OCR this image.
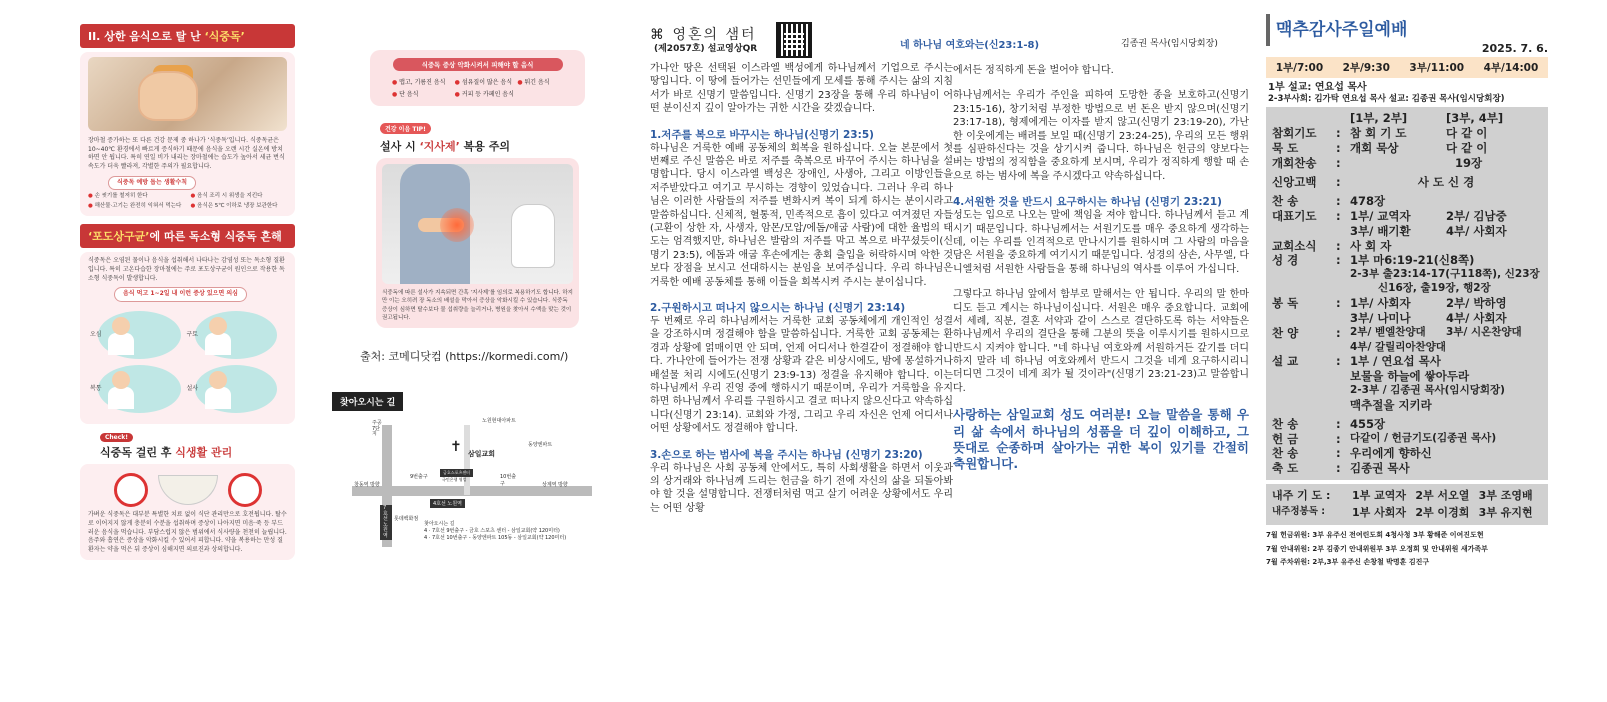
II. 상한 음식으로 탈 난 ‘식중독’
장마철 증가하는 또 다른 건강 문제 중 하나가 ‘식중독’입니다. 식중독균은 10~40℃ 환경에서 빠르게 증식하기 때문에 음식을 오랜 시간 실온에 방치하면 안 됩니다. 특히 연일 비가 내리는 장마철에는 습도가 높아서 세균 번식 속도가 더욱 빨라져, 각별한 주의가 필요합니다.
식중독 예방 돕는 생활수칙
● 손 씻기를 철저히 한다	● 음식 조리 시 위생을 지킨다
● 해산물·고기는 완전히 익혀서 먹는다	● 음식은 5℃ 이하로 냉장 보관한다
‘포도상구균’에 따른 독소형 식중독 흔해
식중독은 오염된 물이나 음식을 섭취해서 나타나는 감염성 또는 독소형 질환입니다. 특히 고온다습한 장마철에는 주로 포도상구균이 원인으로 작용한 독소형 식중독이 발생합니다.
음식 먹고 1~2일 내 이런 증상 있으면 의심
오심	구토
복통	설사
Check!
식중독 걸린 후 식생활 관리
가벼운 식중독은 대부분 특별한 치료 없이 식단 관리만으로 호전됩니다. 탈수로 이어지지 않게 충분히 수분을 섭취하며 증상이 나아지면 미음·죽 등 부드러운 음식을 먹습니다. 부담스럽지 않은 범위에서 식사량을 천천히 늘립니다. 음주와 흡연은 증상을 악화시킬 수 있어서 피합니다. 약을 복용하는 만성 질환자는 약을 먹은 뒤 증상이 심해지면 의료진과 상의합니다.
식중독 증상 악화시켜서 피해야 할 음식
● 맵고, 기름진 음식	● 섬유질이 많은 음식	● 튀긴 음식
● 단 음식	● 커피 등 카페인 음식
건강 이음 TIP!
설사 시 ‘지사제’ 복용 주의
식중독에 따른 설사가 지속되면 간혹 ‘지사제’를 임의로 복용하기도 합니다. 하지만 이는 오히려 장 독소의 배설을 막아서 증상을 악화시킬 수 있습니다. 식중독 증상이 심하면 탈수보다 물 섭취량을 늘리거나, 병원을 찾아서 수액을 맞는 것이 권고됩니다.
출처: 코메디닷컴 (https://kormedi.com/)
찾아오시는 길
주공7단지
노원현대아파트
동양엔파트
✝ 삼일교회
금호스포츠센터
국민은행 영업
상계역 방향
창동역 방향
9번출구	10번출구
4호선 노원역
롯데백화점
7호선 노원역
찾아오시는 길
4 · 7호선 9번출구 - 금호 스포츠 센터 - 삼일교회(약 120미터)
4 · 7호선 10번출구 - 동양엔파트 105동 - 삼일교회(약 120미터)
⌘ 영혼의 샘터
(제2057호) 설교영상QR

가나안 땅은 선택된 이스라엘 백성에게 하나님께서 기업으로 주시는 땅입니다. 이 땅에 들어가는 선민들에게 모세를 통해 주시는 삶의 지침서가 바로 신명기 말씀입니다. 신명기 23장을 통해 우리 하나님이 어떤 분이신지 깊이 알아가는 귀한 시간을 갖겠습니다.

1.저주를 복으로 바꾸시는 하나님(신명기 23:5)

하나님은 거룩한 예배 공동체의 회복을 원하십니다. 오늘 본문에서 첫 번째로 주신 말씀은 바로 저주를 축복으로 바꾸어 주시는 하나님을 설명합니다. 당시 이스라엘 백성은 장애인, 사생아, 그리고 이방인들을 저주받았다고 여기고 무시하는 경향이 있었습니다. 그러나 우리 하나님은 이러한 사람들의 저주를 변화시켜 복이 되게 하시는 분이시라고 말씀하십니다. 신체적, 혈통적, 민족적으로 흠이 있다고 여겨졌던 자들(고환이 상한 자, 사생자, 암몬/모압/에돔/애굽 사람)에 대한 율법의 태도는 엄격했지만, 하나님은 발람의 저주를 막고 복으로 바꾸셨듯이(신명기 23:5), 에돔과 애굽 후손에게는 총회 출입을 허락하시며 악한 것보다 장점을 보시고 선대하시는 분임을 보여주십니다. 우리 하나님은 거룩한 예배 공동체를 통해 이들을 회복시켜 주시는 분이십니다.

2.구원하시고 떠나지 않으시는 하나님 (신명기 23:14)

두 번째로 우리 하나님께서는 거룩한 교회 공동체에게 개인적인 성결을 강조하시며 정결해야 함을 말씀하십니다. 거룩한 교회 공동체는 환경과 상황에 얽매이면 안 되며, 언제 어디서나 한결같이 정결해야 합니다. 가나안에 들어가는 전쟁 상황과 같은 비상시에도, 밤에 몽설하거나 배설물 처리 시에도(신명기 23:9-13) 정결을 유지해야 합니다. 이는 하나님께서 우리 진영 중에 행하시기 때문이며, 우리가 거룩함을 유지하면 하나님께서 우리를 구원하시고 결코 떠나지 않으신다고 약속하십니다(신명기 23:14). 교회와 가정, 그리고 우리 자신은 언제 어디서나 어떤 상황에서도 정결해야 합니다.

3.손으로 하는 범사에 복을 주시는 하나님 (신명기 23:20)

우리 하나님은 사회 공동체 안에서도, 특히 사회생활을 하면서 이웃과의 상거래와 하나님께 드리는 헌금을 하기 전에 자신의 삶을 되돌아봐야 할 것을 설명합니다. 전쟁터처럼 먹고 살기 어려운 상황에서도 우리는 어떤 상황

네 하나님 여호와는(신23:1-8)	김종권 목사(임시당회장)

에서든 정직하게 돈을 벌어야 합니다.

하나님께서는 우리가 주인을 피하여 도망한 종을 보호하고(신명기 23:15-16), 창기처럼 부정한 방법으로 번 돈은 받지 않으며(신명기 23:17-18), 형제에게는 이자를 받지 않고(신명기 23:19-20), 가난한 이웃에게는 배려를 보일 때(신명기 23:24-25), 우리의 모든 행위를 심판하신다는 것을 상기시켜 줍니다. 하나님은 헌금의 양보다는 버는 방법의 정직함을 중요하게 보시며, 우리가 정직하게 행할 때 손으로 하는 범사에 복을 주시겠다고 약속하십니다.

4.서원한 것을 반드시 요구하시는 하나님 (신명기 23:21)

성도는 입으로 나오는 말에 책임을 져야 합니다. 하나님께서 듣고 계시기 때문입니다. 하나님께서는 서원기도를 매우 중요하게 생각하는데, 이는 우리를 인격적으로 만나시기를 원하시며 그 사람의 마음을 담은 서원을 중요하게 여기시기 때문입니다. 성경의 삼손, 사무엘, 다니엘처럼 서원한 사람들을 통해 하나님의 역사를 이루어 가십니다.

그렇다고 하나님 앞에서 함부로 말해서는 안 됩니다. 우리의 말 한마디도 듣고 계시는 하나님이십니다. 서원은 매우 중요합니다. 교회에서 세례, 직분, 결혼 서약과 같이 스스로 결단하도록 하는 서약들은 하나님께서 우리의 결단을 통해 그분의 뜻을 이루시기를 원하시므로 반드시 지켜야 합니다. "네 하나님 여호와께 서원하거든 갚기를 더디하지 말라 네 하나님 여호와께서 반드시 그것을 네게 요구하시리니 더디면 그것이 네게 죄가 될 것이라"(신명기 23:21-23)고 말씀합니다.

사랑하는 삼일교회 성도 여러분! 오늘 말씀을 통해 우리 삶 속에서 하나님의 성품을 더 깊이 이해하고, 그 뜻대로 순종하며 살아가는 귀한 복이 있기를 간절히 축원합니다.
맥추감사주일예배
2025. 7. 6.
1부/7:00 2부/9:30 3부/11:00 4부/14:00
1부 설교: 연요섭 목사
2-3부사회: 김가탁 연요섭 목사 설교: 김종권 목사(임시당회장)
[1부, 2부]	[3부, 4부]
참회기도	: 참 회 기 도	다 같 이
묵 도	: 개회 묵상	다 같 이
개회찬송	:	19장
신앙고백	:	사 도 신 경
찬 송	: 478장
대표기도	: 1부/ 교역자	2부/ 김남중
3부/ 배기환	4부/ 사회자
교회소식	: 사 회 자
성 경	: 1부 마6:19-21(신8쪽)
2-3부 출23:14-17(구118쪽), 신23장
신16장, 출19장, 행2장
봉 독	: 1부/ 사회자	2부/ 박하영
3부/ 나미나	4부/ 사회자
찬 양	: 2부/ 벧엘찬양대	3부/ 시온찬양대
4부/ 갈릴리아찬양대
설 교	: 1부 / 연요섭 목사
보물을 하늘에 쌓아두라
2-3부 / 김종권 목사(임시당회장)
맥추절을 지키라
찬 송	: 455장
헌 금	: 다같이 / 헌금기도(김종권 목사)
찬 송	: 우리에게 향하신
축 도	: 김종권 목사
내주 기 도 :	1부 교역자 2부 서오열 3부 조영배
내주정봉독 :	1부 사회자 2부 이경희 3부 유지현
7월 헌금위원: 3부 유주신 전여린도희 4청사청 3부 황해준 이여진도현
7월 안내위원: 2부 김종기 안내위원부 3부 오정희 및 안내위원 새가족부
7월 주차위원: 2부,3부 유주신 손창철 박명훈 김진구
